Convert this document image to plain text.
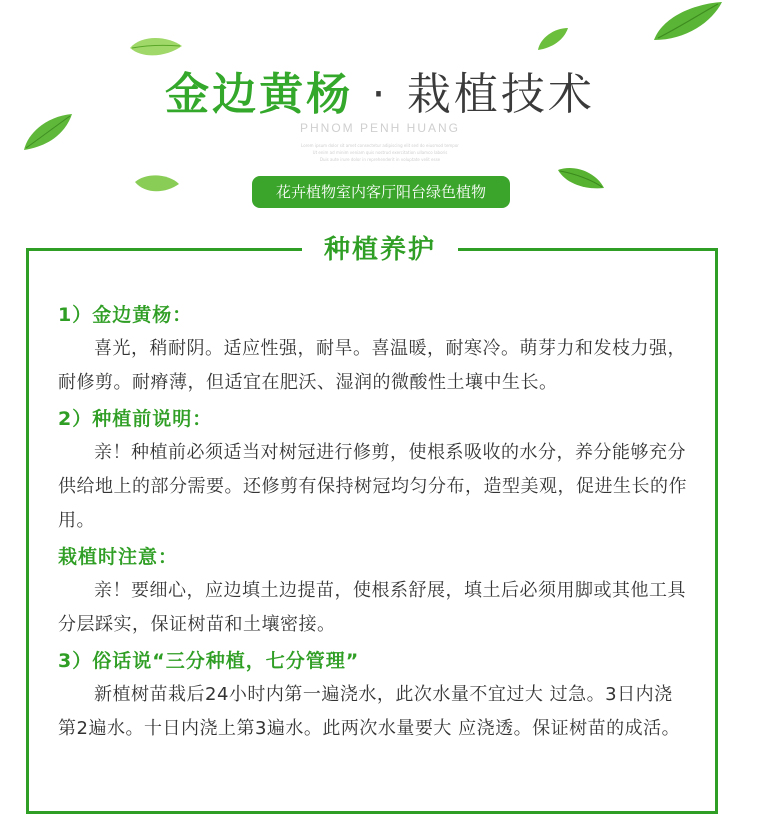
金边黄杨 · 栽植技术
PHNOM PENH HUANG
Lorem ipsum dolor sit amet consectetur adipiscing elit sed do eiusmod tempor
Ut enim ad minim veniam quis nostrud exercitation ullamco laboris
Duis aute irure dolor in reprehenderit in voluptate velit esse
花卉植物室内客厅阳台绿色植物
种植养护
1）金边黄杨：

喜光，稍耐阴。适应性强，耐旱。喜温暖，耐寒冷。萌芽力和发枝力强，耐修剪。耐瘠薄，但适宜在肥沃、湿润的微酸性土壤中生长。

2）种植前说明：

亲！种植前必须适当对树冠进行修剪，使根系吸收的水分，养分能够充分供给地上的部分需要。还修剪有保持树冠均匀分布，造型美观，促进生长的作用。

栽植时注意：

亲！要细心，应边填土边提苗，使根系舒展，填土后必须用脚或其他工具分层踩实，保证树苗和土壤密接。

3）俗话说“三分种植，七分管理”

新植树苗栽后24小时内第一遍浇水，此次水量不宜过大 过急。3日内浇第2遍水。十日内浇上第3遍水。此两次水量要大 应浇透。保证树苗的成活。
